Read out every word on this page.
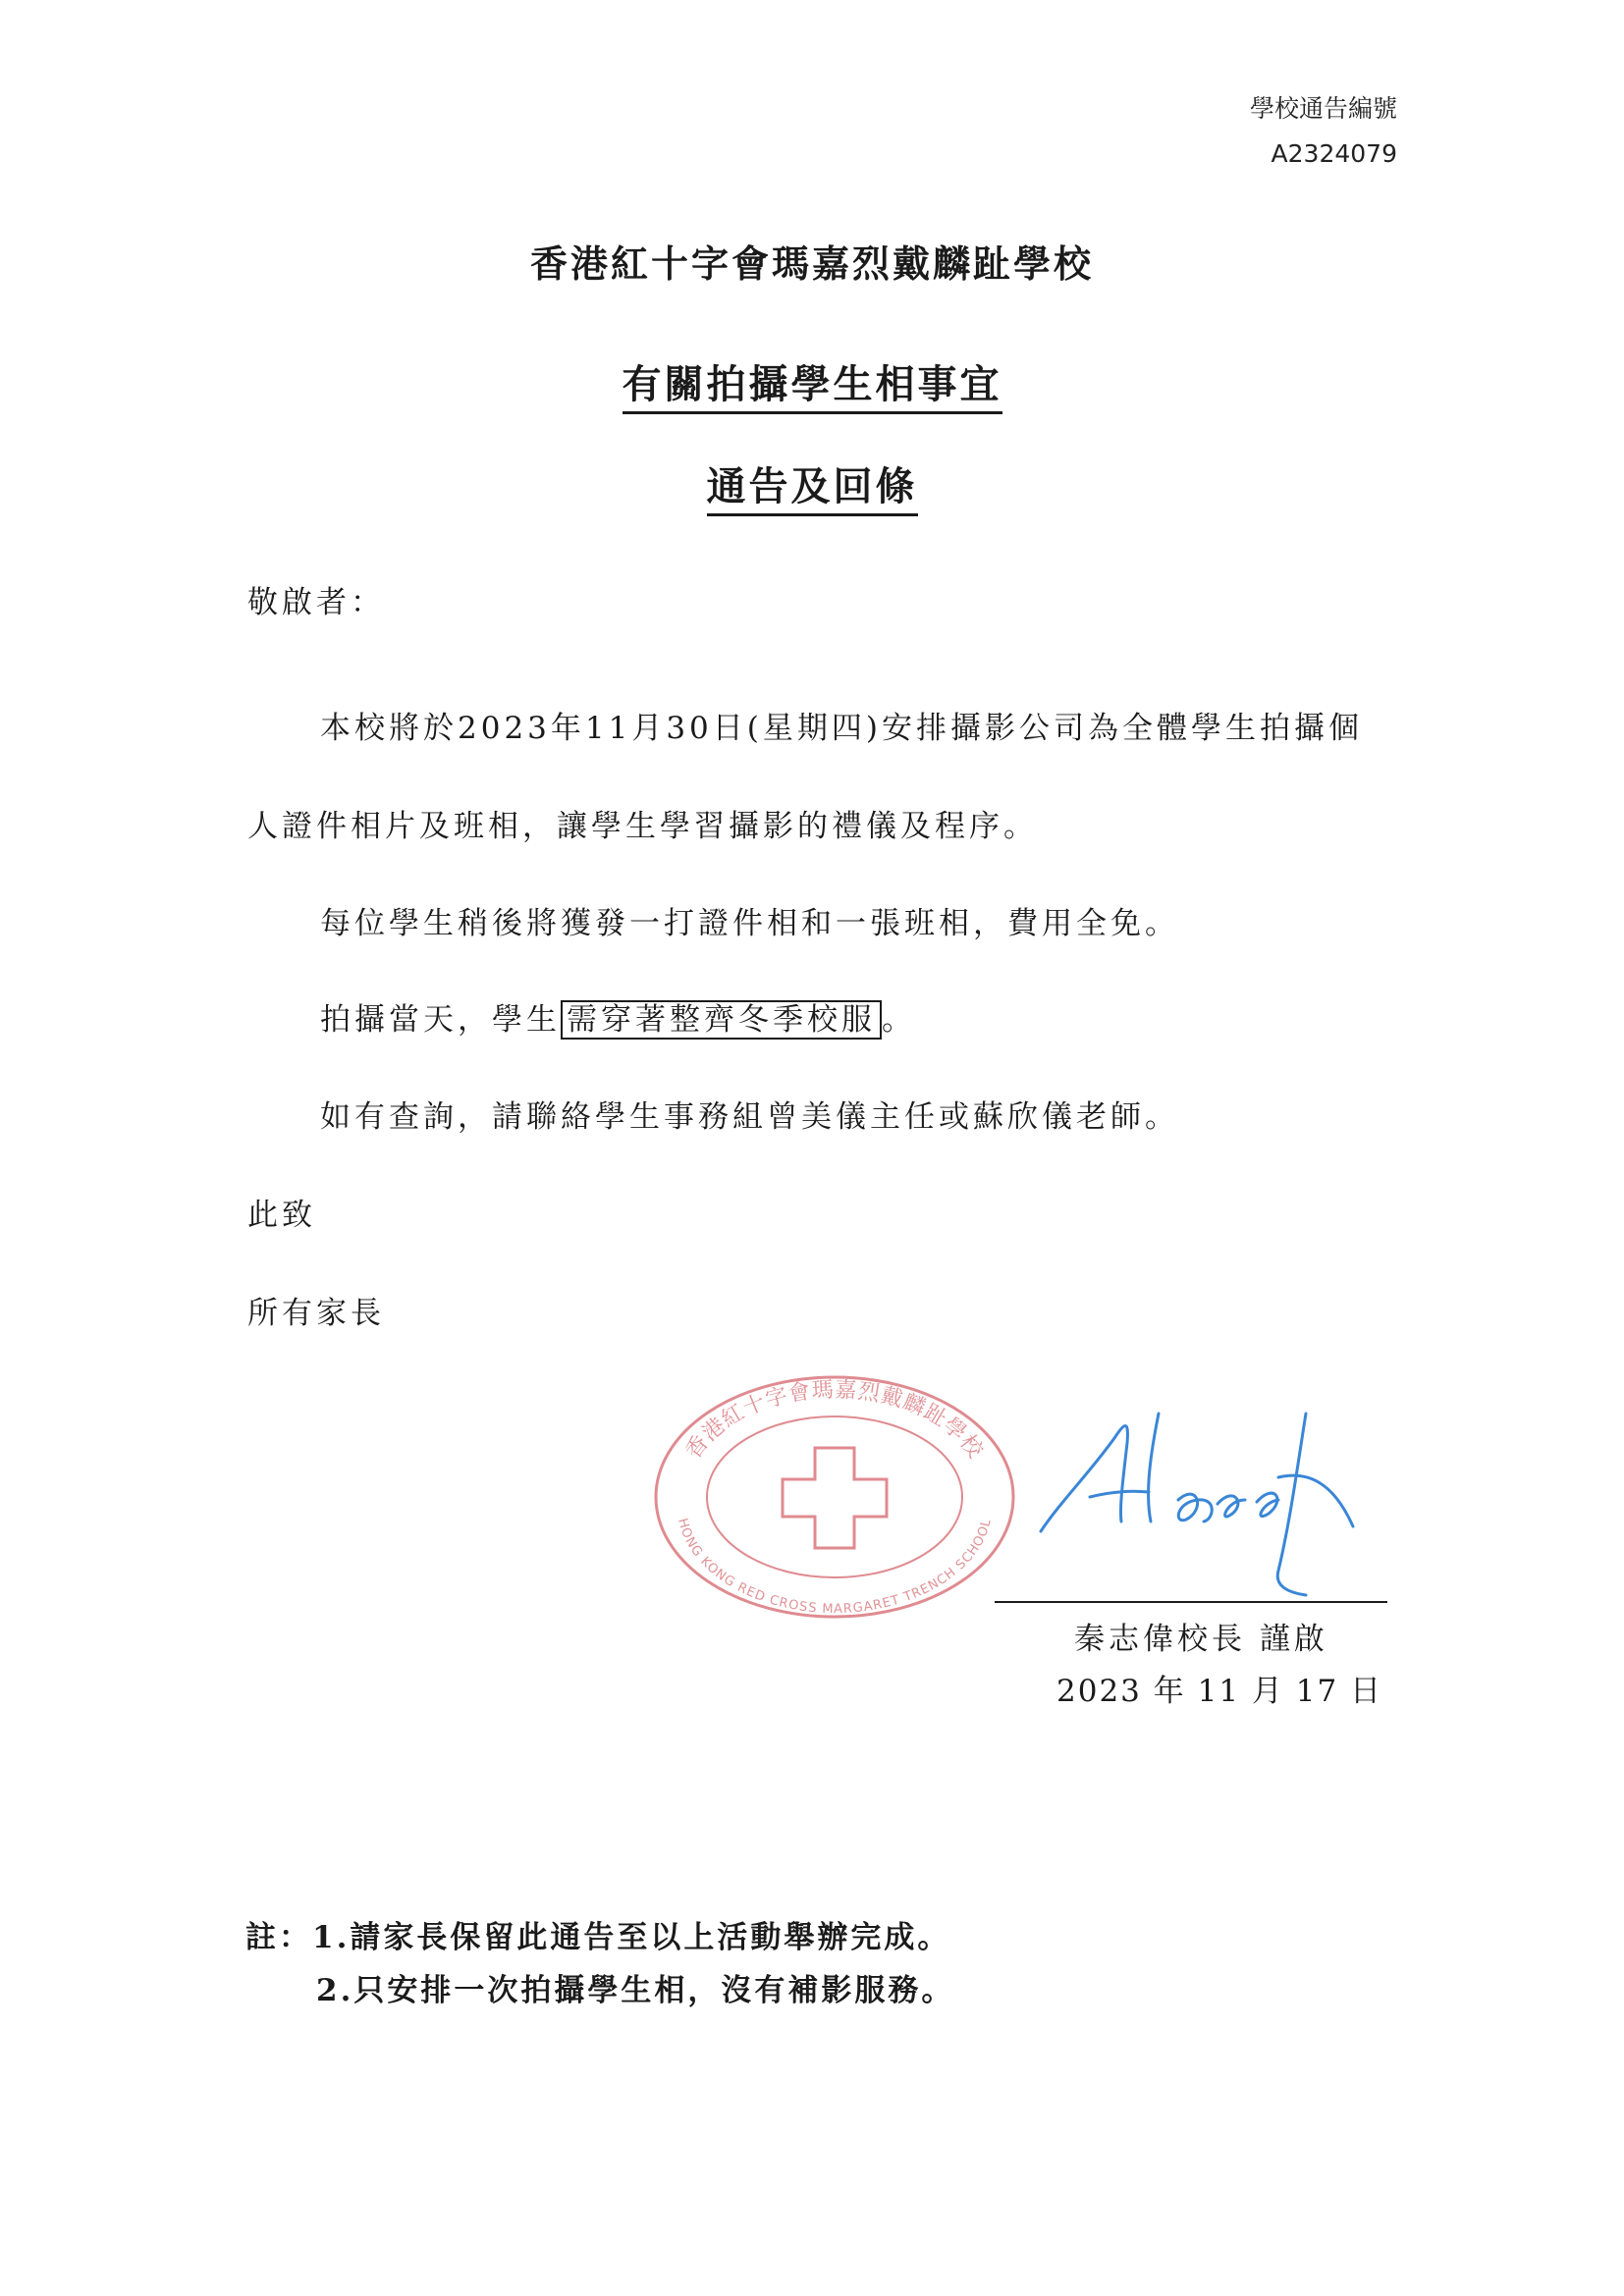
學校通告編號
A2324079
香港紅十字會瑪嘉烈戴麟趾學校
有關拍攝學生相事宜
通告及回條
敬啟者：
本校將於2023年11月30日(星期四)安排攝影公司為全體學生拍攝個
人證件相片及班相，讓學生學習攝影的禮儀及程序。
每位學生稍後將獲發一打證件相和一張班相，費用全免。
拍攝當天，學生 需穿著整齊冬季校服 。
如有查詢，請聯絡學生事務組曾美儀主任或蘇欣儀老師。
此致
所有家長
香港紅十字會瑪嘉烈戴麟趾學校
HONG KONG RED CROSS MARGARET TRENCH SCHOOL
秦志偉校長 謹啟
2023 年 11 月 17 日
註：1.請家長保留此通告至以上活動舉辦完成。
2.只安排一次拍攝學生相，沒有補影服務。
